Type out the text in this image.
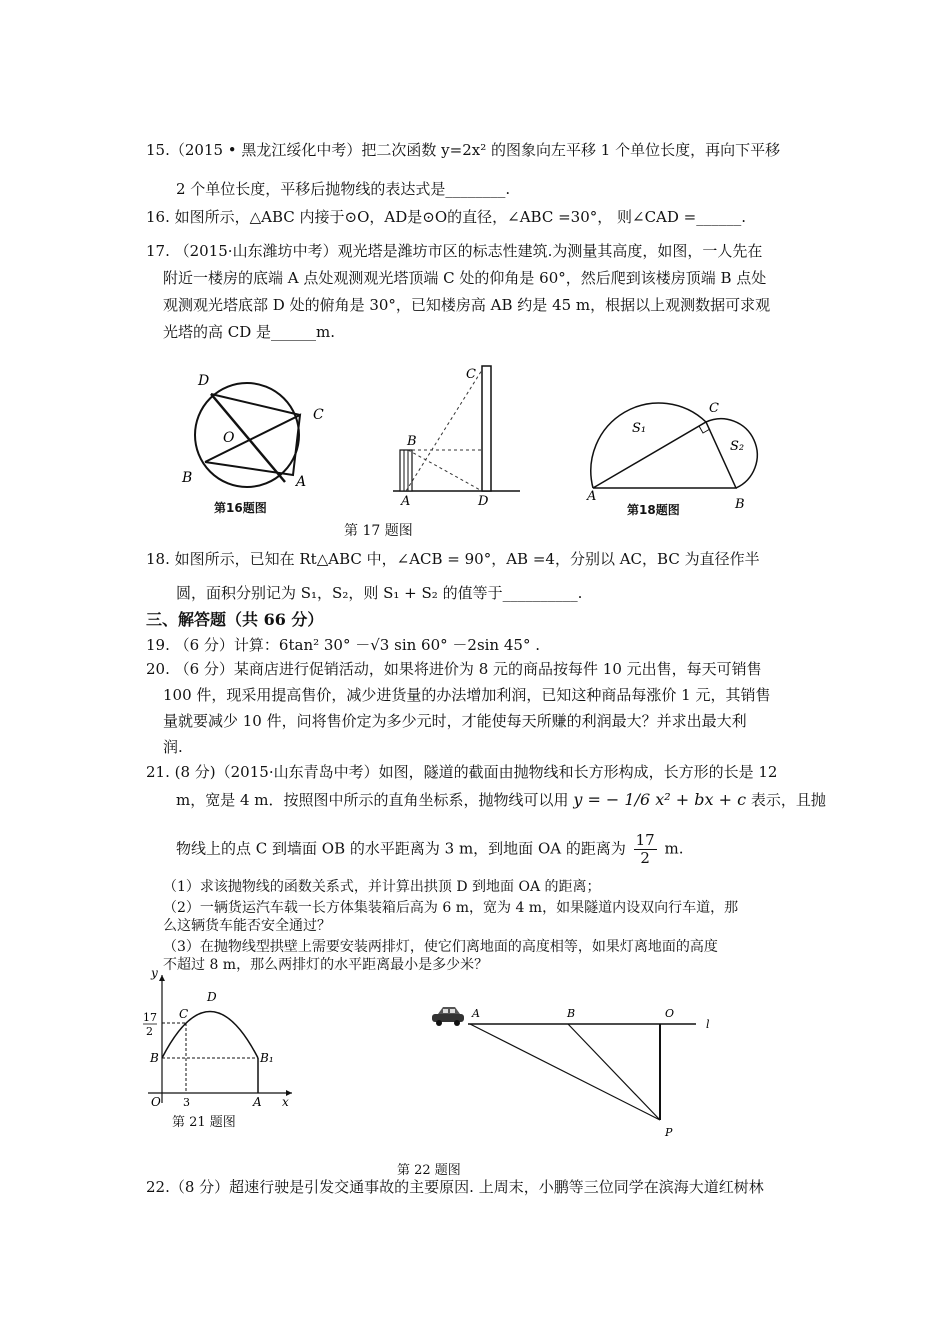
15.（2015 • 黑龙江绥化中考）把二次函数 y=2x² 的图象向左平移 1 个单位长度，再向下平移
2 个单位长度，平移后抛物线的表达式是________.
16. 如图所示，△ABC 内接于⊙O，AD是⊙O的直径，∠ABC =30°， 则∠CAD =______.
17. （2015·山东潍坊中考）观光塔是潍坊市区的标志性建筑.为测量其高度，如图，一人先在
附近一楼房的底端 A 点处观测观光塔顶端 C 处的仰角是 60°，然后爬到该楼房顶端 B 点处
观测观光塔底部 D 处的俯角是 30°，已知楼房高 AB 约是 45 m，根据以上观测数据可求观
光塔的高 CD 是______m.
D
C
O
B	A
第16题图
C
B
A	D
第 17 题图
C
S₁
S₂
A
B
第18题图
18. 如图所示，已知在 Rt△ABC 中，∠ACB = 90°，AB =4，分别以 AC，BC 为直径作半
圆，面积分别记为 S₁，S₂，则 S₁ + S₂ 的值等于__________.
三、解答题（共 66 分）
19. （6 分）计算：6tan² 30° －√3 sin 60° －2sin 45° .
20. （6 分）某商店进行促销活动，如果将进价为 8 元的商品按每件 10 元出售，每天可销售
100 件，现采用提高售价，减少进货量的办法增加利润，已知这种商品每涨价 1 元，其销售
量就要减少 10 件，问将售价定为多少元时，才能使每天所赚的利润最大？并求出最大利
润.
21. (8 分)（2015·山东青岛中考）如图，隧道的截面由抛物线和长方形构成，长方形的长是 12
m，宽是 4 m．按照图中所示的直角坐标系，抛物线可以用 y = − 1/6 x² + bx + c 表示，且抛
物线上的点 C 到墙面 OB 的水平距离为 3 m，到地面 OA 的距离为 $\frac{17}{2} m$.
（1）求该抛物线的函数关系式，并计算出拱顶 D 到地面 OA 的距离；
（2）一辆货运汽车载一长方体集装箱后高为 6 m，宽为 4 m，如果隧道内设双向行车道，那
么这辆货车能否安全通过？
（3）在抛物线型拱壁上需要安装两排灯，使它们离地面的高度相等，如果灯离地面的高度
不超过 8 m，那么两排灯的水平距离最小是多少米？
y
17
2
C
D
B	B₁
O 3	A x
第 21 题图
A	B	O
l
P
第 22 题图
22.（8 分）超速行驶是引发交通事故的主要原因. 上周末，小鹏等三位同学在滨海大道红树林
